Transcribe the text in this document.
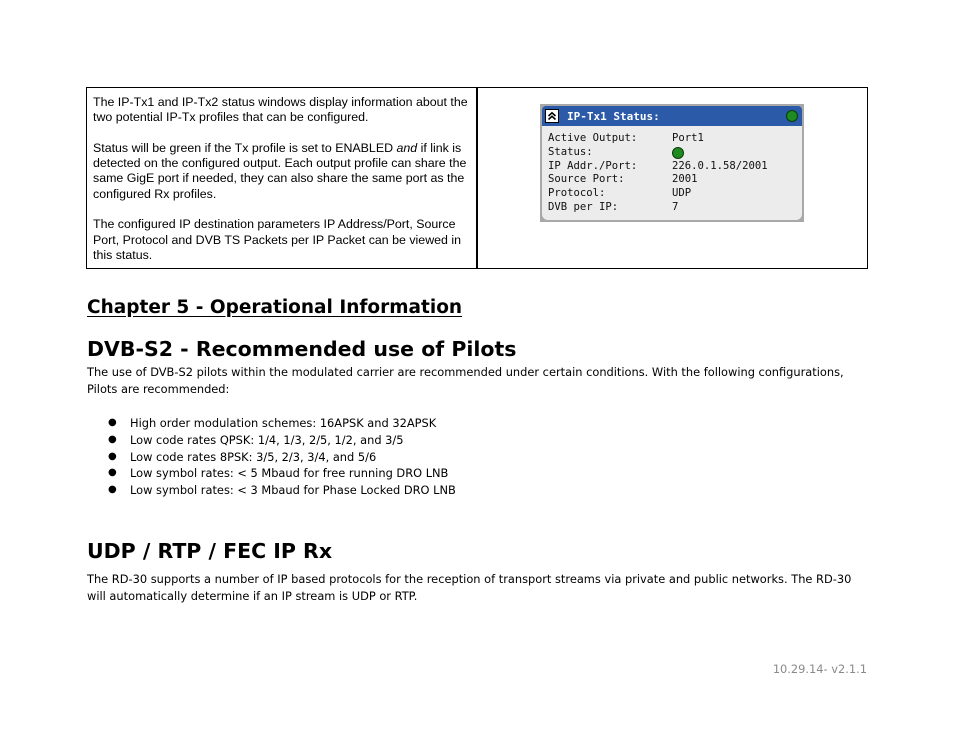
The IP-Tx1 and IP-Tx2 status windows display information about the two potential IP-Tx profiles that can be configured.

Status will be green if the Tx profile is set to ENABLED and if link is detected on the configured output. Each output profile can share the same GigE port if needed, they can also share the same port as the configured Rx profiles.

The configured IP destination parameters IP Address/Port, Source Port, Protocol and DVB TS Packets per IP Packet can be viewed in this status.

IP-Tx1 Status:
Active Output:	Port1
Status:
IP Addr./Port:	226.0.1.58/2001
Source Port:	2001
Protocol:	UDP
DVB per IP:	7
Chapter 5 - Operational Information
DVB-S2 - Recommended use of Pilots

The use of DVB-S2 pilots within the modulated carrier are recommended under certain conditions. With the following configurations, Pilots are recommended:

●	High order modulation schemes: 16APSK and 32APSK
●	Low code rates QPSK: 1/4, 1/3, 2/5, 1/2, and 3/5
●	Low code rates 8PSK: 3/5, 2/3, 3/4, and 5/6
●	Low symbol rates: < 5 Mbaud for free running DRO LNB
●	Low symbol rates: < 3 Mbaud for Phase Locked DRO LNB
UDP / RTP / FEC IP Rx

The RD-30 supports a number of IP based protocols for the reception of transport streams via private and public networks. The RD-30 will automatically determine if an IP stream is UDP or RTP.

10.29.14- v2.1.1
